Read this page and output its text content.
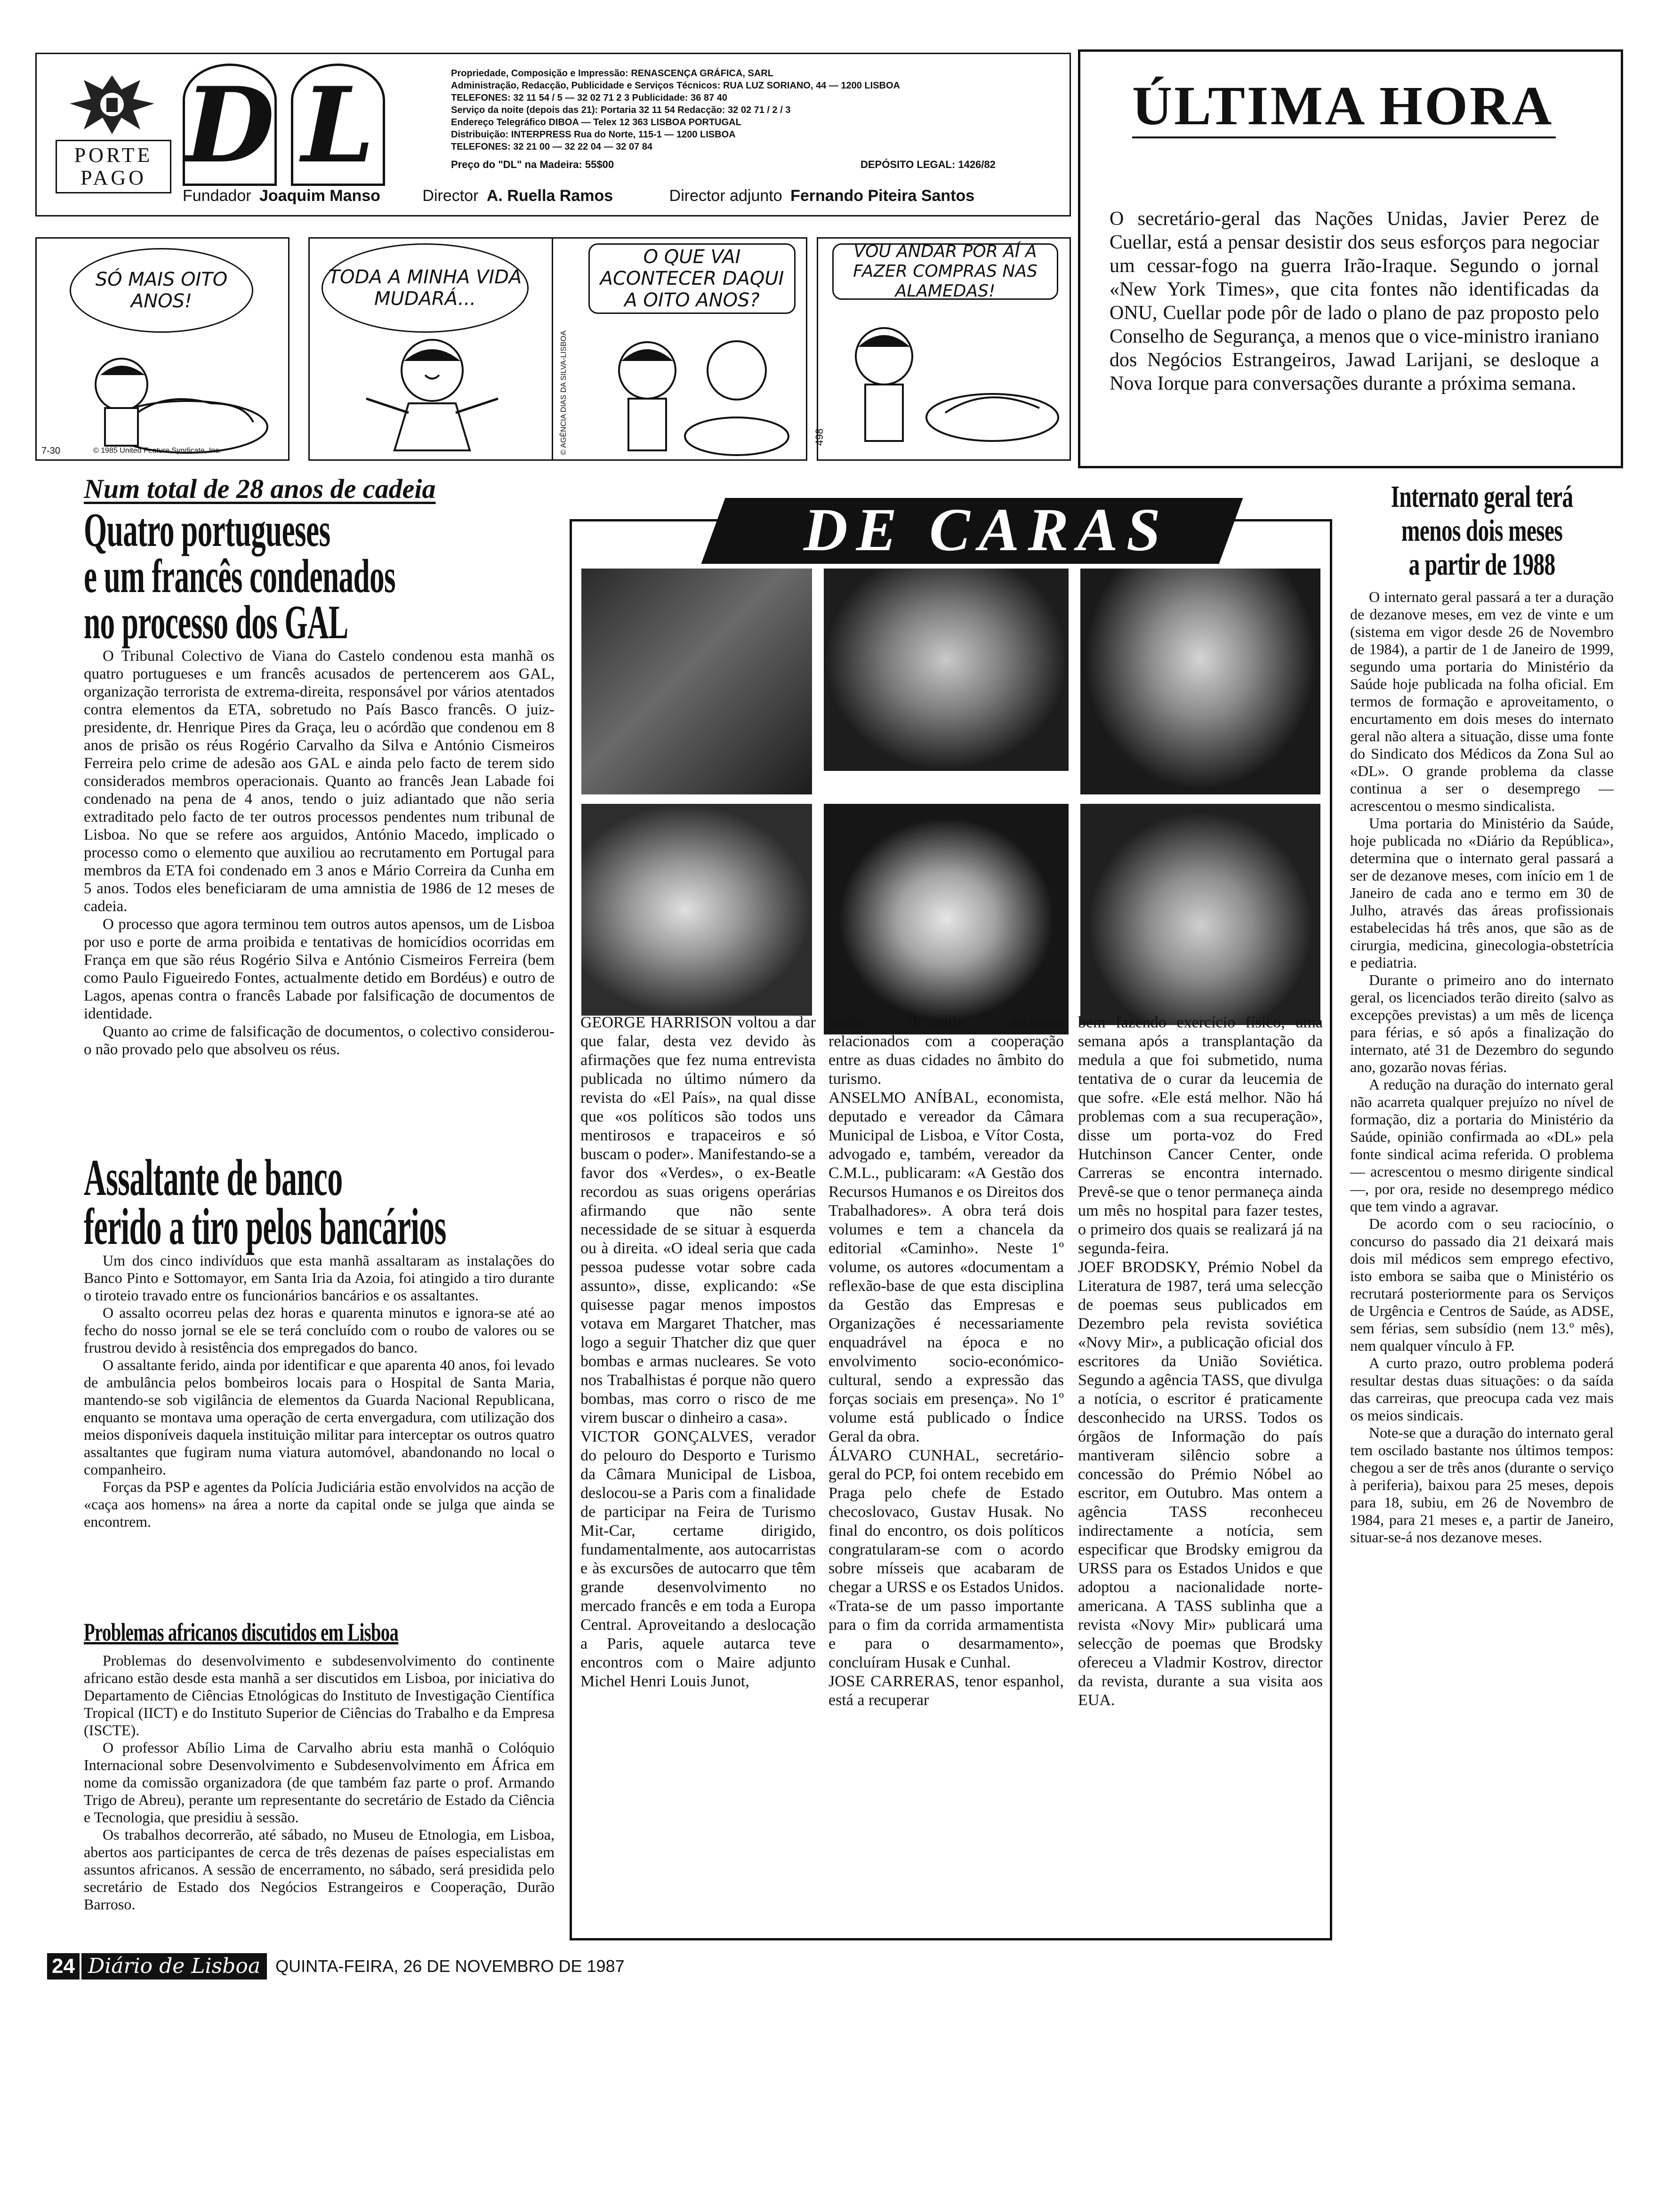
PORTE
PAGO D L	Propriedade, Composição e Impressão: RENASCENÇA GRÁFICA, SARL
Administração, Redacção, Publicidade e Serviços Técnicos: RUA LUZ SORIANO, 44 — 1200 LISBOA
TELEFONES: 32 11 54 / 5 — 32 02 71 2 3 Publicidade: 36 87 40
Serviço da noite (depois das 21): Portaria 32 11 54 Redacção: 32 02 71 / 2 / 3
Endereço Telegráfico DIBOA — Telex 12 363 LISBOA PORTUGAL
Distribuição: INTERPRESS Rua do Norte, 115-1 — 1200 LISBOA
TELEFONES: 32 21 00 — 32 22 04 — 32 07 84
Preço do "DL" na Madeira: 55$00	DEPÓSITO LEGAL: 1426/82
Fundador Joaquim Manso	Director A. Ruella Ramos	Director adjunto Fernando Piteira Santos
ÚLTIMA HORA
O secretário-geral das Nações Unidas, Javier Perez de Cuellar, está a pensar desistir dos seus esforços para negociar um cessar-fogo na guerra Irão-Iraque. Segundo o jornal «New York Times», que cita fontes não identificadas da ONU, Cuellar pode pôr de lado o plano de paz proposto pelo Conselho de Segurança, a menos que o vice-ministro iraniano dos Negócios Estrangeiros, Jawad Larijani, se desloque a Nova Iorque para conversações durante a próxima semana.
SÓ MAIS OITO ANOS!
7-30	© 1985 United Feature Syndicate, Inc.
TODA A MINHA VIDA MUDARÁ...
O QUE VAI ACONTECER DAQUI A OITO ANOS?
© AGÊNCIA DIAS DA SILVA-LISBOA
VOU ANDAR POR AÍ A FAZER COMPRAS NAS ALAMEDAS!
498
Num total de 28 anos de cadeia
Quatro portugueses
e um francês condenados
no processo dos GAL

O Tribunal Colectivo de Viana do Castelo condenou esta manhã os quatro portugueses e um francês acusados de pertencerem aos GAL, organização terrorista de extrema-direita, responsável por vários atentados contra elementos da ETA, sobretudo no País Basco francês. O juiz-presidente, dr. Henrique Pires da Graça, leu o acórdão que condenou em 8 anos de prisão os réus Rogério Carvalho da Silva e António Cismeiros Ferreira pelo crime de adesão aos GAL e ainda pelo facto de terem sido considerados membros operacionais. Quanto ao francês Jean Labade foi condenado na pena de 4 anos, tendo o juiz adiantado que não seria extraditado pelo facto de ter outros processos pendentes num tribunal de Lisboa. No que se refere aos arguidos, António Macedo, implicado o processo como o elemento que auxiliou ao recrutamento em Portugal para membros da ETA foi condenado em 3 anos e Mário Correira da Cunha em 5 anos. Todos eles beneficiaram de uma amnistia de 1986 de 12 meses de cadeia.

O processo que agora terminou tem outros autos apensos, um de Lisboa por uso e porte de arma proibida e tentativas de homicídios ocorridas em França em que são réus Rogério Silva e António Cismeiros Ferreira (bem como Paulo Figueiredo Fontes, actualmente detido em Bordéus) e outro de Lagos, apenas contra o francês Labade por falsificação de documentos de identidade.

Quanto ao crime de falsificação de documentos, o colectivo considerou-o não provado pelo que absolveu os réus.

Assaltante de banco
ferido a tiro pelos bancários

Um dos cinco indivíduos que esta manhã assaltaram as instalações do Banco Pinto e Sottomayor, em Santa Iria da Azoia, foi atingido a tiro durante o tiroteio travado entre os funcionários bancários e os assaltantes.

O assalto ocorreu pelas dez horas e quarenta minutos e ignora-se até ao fecho do nosso jornal se ele se terá concluído com o roubo de valores ou se frustrou devido à resistência dos empregados do banco.

O assaltante ferido, ainda por identificar e que aparenta 40 anos, foi levado de ambulância pelos bombeiros locais para o Hospital de Santa Maria, mantendo-se sob vigilância de elementos da Guarda Nacional Republicana, enquanto se montava uma operação de certa envergadura, com utilização dos meios disponíveis daquela instituição militar para interceptar os outros quatro assaltantes que fugiram numa viatura automóvel, abandonando no local o companheiro.

Forças da PSP e agentes da Polícia Judiciária estão envolvidos na acção de «caça aos homens» na área a norte da capital onde se julga que ainda se encontrem.

Problemas africanos discutidos em Lisboa

Problemas do desenvolvimento e subdesenvolvimento do continente africano estão desde esta manhã a ser discutidos em Lisboa, por iniciativa do Departamento de Ciências Etnológicas do Instituto de Investigação Científica Tropical (IICT) e do Instituto Superior de Ciências do Trabalho e da Empresa (ISCTE).

O professor Abílio Lima de Carvalho abriu esta manhã o Colóquio Internacional sobre Desenvolvimento e Subdesenvolvimento em África em nome da comissão organizadora (de que também faz parte o prof. Armando Trigo de Abreu), perante um representante do secretário de Estado da Ciência e Tecnologia, que presidiu à sessão.

Os trabalhos decorrerão, até sábado, no Museu de Etnologia, em Lisboa, abertos aos participantes de cerca de três dezenas de países especialistas em assuntos africanos. A sessão de encerramento, no sábado, será presidida pelo secretário de Estado dos Negócios Estrangeiros e Cooperação, Durão Barroso.

DE CARAS
GEORGE HARRISON voltou a dar que falar, desta vez devido às afirmações que fez numa entrevista publicada no último número da revista do «El País», na qual disse que «os políticos são todos uns mentirosos e trapaceiros e só buscam o poder». Manifestando-se a favor dos «Verdes», o ex-Beatle recordou as suas origens operárias afirmando que não sente necessidade de se situar à esquerda ou à direita. «O ideal seria que cada pessoa pudesse votar sobre cada assunto», disse, explicando: «Se quisesse pagar menos impostos votava em Margaret Thatcher, mas logo a seguir Thatcher diz que quer bombas e armas nucleares. Se voto nos Trabalhistas é porque não quero bombas, mas corro o risco de me virem buscar o dinheiro a casa».
VICTOR GONÇALVES, verador do pelouro do Desporto e Turismo da Câmara Municipal de Lisboa, deslocou-se a Paris com a finalidade de participar na Feira de Turismo Mit-Car, certame dirigido, fundamentalmente, aos autocarristas e às excursões de autocarro que têm grande desenvolvimento no mercado francês e em toda a Europa Central. Aproveitando a deslocação a Paris, aquele autarca teve encontros com o Maire adjunto Michel Henri Louis Junot,
tendo debatido assuntos relacionados com a cooperação entre as duas cidades no âmbito do turismo.
ANSELMO ANÍBAL, economista, deputado e vereador da Câmara Municipal de Lisboa, e Vítor Costa, advogado e, também, vereador da C.M.L., publicaram: «A Gestão dos Recursos Humanos e os Direitos dos Trabalhadores». A obra terá dois volumes e tem a chancela da editorial «Caminho». Neste 1º volume, os autores «documentam a reflexão-base de que esta disciplina da Gestão das Empresas e Organizações é necessariamente enquadrável na época e no envolvimento socio-económico-cultural, sendo a expressão das forças sociais em presença». No 1º volume está publicado o Índice Geral da obra.
ÁLVARO CUNHAL, secretário-geral do PCP, foi ontem recebido em Praga pelo chefe de Estado checoslovaco, Gustav Husak. No final do encontro, os dois políticos congratularam-se com o acordo sobre mísseis que acabaram de chegar a URSS e os Estados Unidos. «Trata-se de um passo importante para o fim da corrida armamentista e para o desarmamento», concluíram Husak e Cunhal.
JOSE CARRERAS, tenor espanhol, está a recuperar
bem fazendo exercício físico, uma semana após a transplantação da medula a que foi submetido, numa tentativa de o curar da leucemia de que sofre. «Ele está melhor. Não há problemas com a sua recuperação», disse um porta-voz do Fred Hutchinson Cancer Center, onde Carreras se encontra internado. Prevê-se que o tenor permaneça ainda um mês no hospital para fazer testes, o primeiro dos quais se realizará já na segunda-feira.
JOEF BRODSKY, Prémio Nobel da Literatura de 1987, terá uma selecção de poemas seus publicados em Dezembro pela revista soviética «Novy Mir», a publicação oficial dos escritores da União Soviética. Segundo a agência TASS, que divulga a notícia, o escritor é praticamente desconhecido na URSS. Todos os órgãos de Informação do país mantiveram silêncio sobre a concessão do Prémio Nóbel ao escritor, em Outubro. Mas ontem a agência TASS reconheceu indirectamente a notícia, sem especificar que Brodsky emigrou da URSS para os Estados Unidos e que adoptou a nacionalidade norte-americana. A TASS sublinha que a revista «Novy Mir» publicará uma selecção de poemas que Brodsky ofereceu a Vladmir Kostrov, director da revista, durante a sua visita aos EUA.
Internato geral terá
menos dois meses
a partir de 1988

O internato geral passará a ter a duração de dezanove meses, em vez de vinte e um (sistema em vigor desde 26 de Novembro de 1984), a partir de 1 de Janeiro de 1999, segundo uma portaria do Ministério da Saúde hoje publicada na folha oficial. Em termos de formação e aproveitamento, o encurtamento em dois meses do internato geral não altera a situação, disse uma fonte do Sindicato dos Médicos da Zona Sul ao «DL». O grande problema da classe continua a ser o desemprego — acrescentou o mesmo sindicalista.

Uma portaria do Ministério da Saúde, hoje publicada no «Diário da República», determina que o internato geral passará a ser de dezanove meses, com início em 1 de Janeiro de cada ano e termo em 30 de Julho, através das áreas profissionais estabelecidas há três anos, que são as de cirurgia, medicina, ginecologia-obstetrícia e pediatria.

Durante o primeiro ano do internato geral, os licenciados terão direito (salvo as excepções previstas) a um mês de licença para férias, e só após a finalização do internato, até 31 de Dezembro do segundo ano, gozarão novas férias.

A redução na duração do internato geral não acarreta qualquer prejuízo no nível de formação, diz a portaria do Ministério da Saúde, opinião confirmada ao «DL» pela fonte sindical acima referida. O problema — acrescentou o mesmo dirigente sindical —, por ora, reside no desemprego médico que tem vindo a agravar.

De acordo com o seu raciocínio, o concurso do passado dia 21 deixará mais dois mil médicos sem emprego efectivo, isto embora se saiba que o Ministério os recrutará posteriormente para os Serviços de Urgência e Centros de Saúde, as ADSE, sem férias, sem subsídio (nem 13.º mês), nem qualquer vínculo à FP.

A curto prazo, outro problema poderá resultar destas duas situações: o da saída das carreiras, que preocupa cada vez mais os meios sindicais.

Note-se que a duração do internato geral tem oscilado bastante nos últimos tempos: chegou a ser de três anos (durante o serviço à periferia), baixou para 25 meses, depois para 18, subiu, em 26 de Novembro de 1984, para 21 meses e, a partir de Janeiro, situar-se-á nos dezanove meses.

24 Diário de Lisboa QUINTA-FEIRA, 26 DE NOVEMBRO DE 1987
